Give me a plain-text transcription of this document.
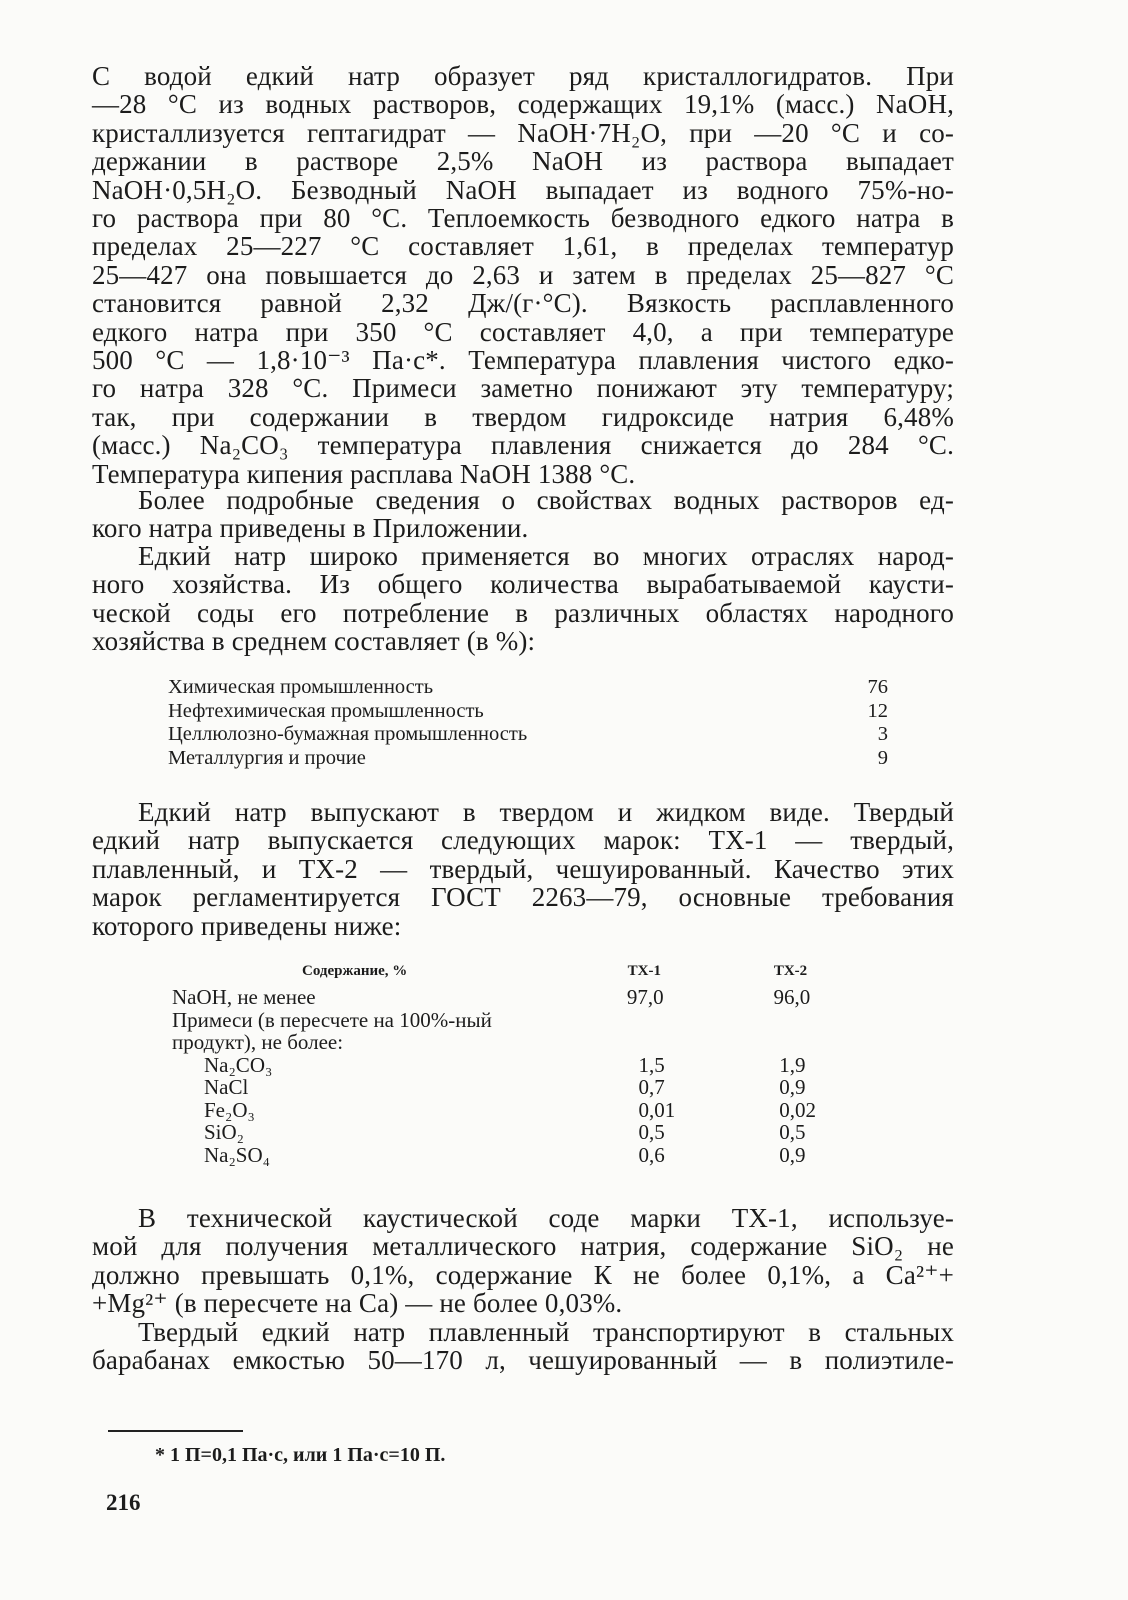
С водой едкий натр образует ряд кристаллогидратов. При
—28 °С из водных растворов, содержащих 19,1% (масс.) NaOH,
кристаллизуется гептагидрат — NaOH·7H₂O, при —20 °С и со-
держании в растворе 2,5% NaOH из раствора выпадает
NaOH·0,5H₂O. Безводный NaOH выпадает из водного 75%-но-
го раствора при 80 °С. Теплоемкость безводного едкого натра в
пределах 25—227 °С составляет 1,61, в пределах температур
25—427 она повышается до 2,63 и затем в пределах 25—827 °С
становится равной 2,32 Дж/(г·°С). Вязкость расплавленного
едкого натра при 350 °С составляет 4,0, а при температуре
500 °С — 1,8·10⁻³ Па·с*. Температура плавления чистого едко-
го натра 328 °С. Примеси заметно понижают эту температуру;
так, при содержании в твердом гидроксиде натрия 6,48%
(масс.) Na₂CO₃ температура плавления снижается до 284 °С.
Температура кипения расплава NaOH 1388 °С.
Более подробные сведения о свойствах водных растворов ед-
кого натра приведены в Приложении.
Едкий натр широко применяется во многих отраслях народ-
ного хозяйства. Из общего количества вырабатываемой каусти-
ческой соды его потребление в различных областях народного
хозяйства в среднем составляет (в %):
Химическая промышленность	76
Нефтехимическая промышленность	12
Целлюлозно-бумажная промышленность	3
Металлургия и прочие	9
Едкий натр выпускают в твердом и жидком виде. Твердый
едкий натр выпускается следующих марок: ТХ-1 — твердый,
плавленный, и ТХ-2 — твердый, чешуированный. Качество этих
марок регламентируется ГОСТ 2263—79, основные требования
которого приведены ниже:
Содержание, %	ТХ-1	ТХ-2
NaOH, не менее	97,0	96,0
Примеси (в пересчете на 100%-ный
продукт), не более:
Na₂CO₃	1,5	1,9
NaCl	0,7	0,9
Fe₂O₃	0,01	0,02
SiO₂	0,5	0,5
Na₂SO₄	0,6	0,9
В технической каустической соде марки ТХ-1, используе-
мой для получения металлического натрия, содержание SiO₂ не
должно превышать 0,1%, содержание К не более 0,1%, а Ca²⁺+
+Mg²⁺ (в пересчете на Са) — не более 0,03%.
Твердый едкий натр плавленный транспортируют в стальных
барабанах емкостью 50—170 л, чешуированный — в полиэтиле-
* 1 П=0,1 Па·с, или 1 Па·с=10 П.
216
